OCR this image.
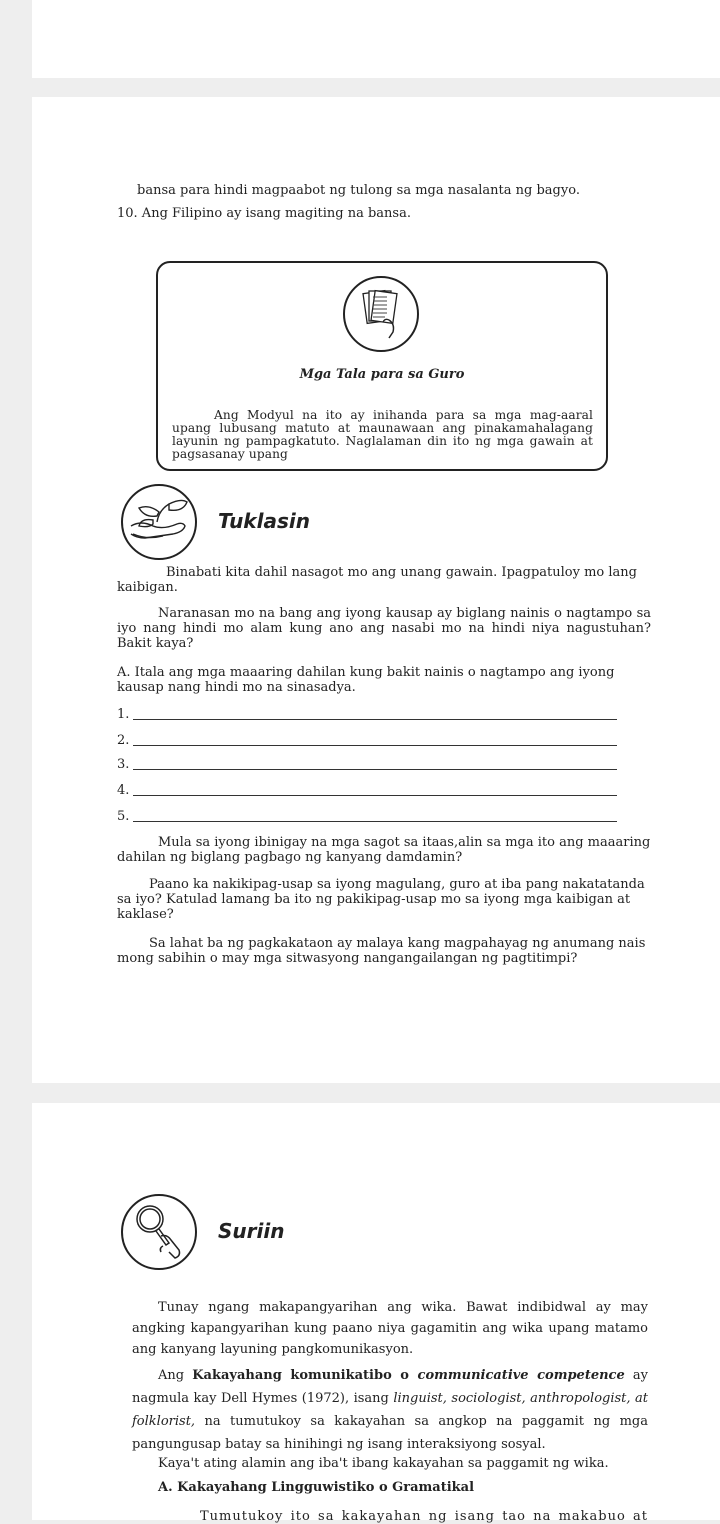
bansa para hindi magpaabot ng tulong sa mga nasalanta ng bagyo.

10. Ang Filipino ay isang magiting na bansa.

Mga Tala para sa Guro
Ang Modyul na ito ay inihanda para sa mga mag-aaral upang lubusang matuto at maunawaan ang pinakamahalagang layunin ng pampagkatuto. Naglalaman din ito ng mga gawain at pagsasanay upang
Tuklasin

Binabati kita dahil nasagot mo ang unang gawain. Ipagpatuloy mo lang kaibigan.

Naranasan mo na bang ang iyong kausap ay biglang nainis o nagtampo sa iyo nang hindi mo alam kung ano ang nasabi mo na hindi niya nagustuhan? Bakit kaya?

A. Itala ang mga maaaring dahilan kung bakit nainis o nagtampo ang iyong kausap nang hindi mo na sinasadya.

1.
2.
3.
4.
5.

Mula sa iyong ibinigay na mga sagot sa itaas,alin sa mga ito ang maaaring dahilan ng biglang pagbago ng kanyang damdamin?

Paano ka nakikipag-usap sa iyong magulang, guro at iba pang nakatatanda sa iyo? Katulad lamang ba ito ng pakikipag-usap mo sa iyong mga kaibigan at kaklase?

Sa lahat ba ng pagkakataon ay malaya kang magpahayag ng anumang nais mong sabihin o may mga sitwasyong nangangailangan ng pagtitimpi?

Suriin

Tunay ngang makapangyarihan ang wika. Bawat indibidwal ay may angking kapangyarihan kung paano niya gagamitin ang wika upang matamo ang kanyang layuning pangkomunikasyon.

Ang Kakayahang komunikatibo o communicative competence ay nagmula kay Dell Hymes (1972), isang linguist, sociologist, anthropologist, at folklorist, na tumutukoy sa kakayahan sa angkop na paggamit ng mga pangungusap batay sa hinihingi ng isang interaksiyong sosyal.

Kaya't ating alamin ang iba't ibang kakayahan sa paggamit ng wika.

A. Kakayahang Lingguwistiko o Gramatikal

Tumutukoy ito sa kakayahan ng isang tao na makabuo at
